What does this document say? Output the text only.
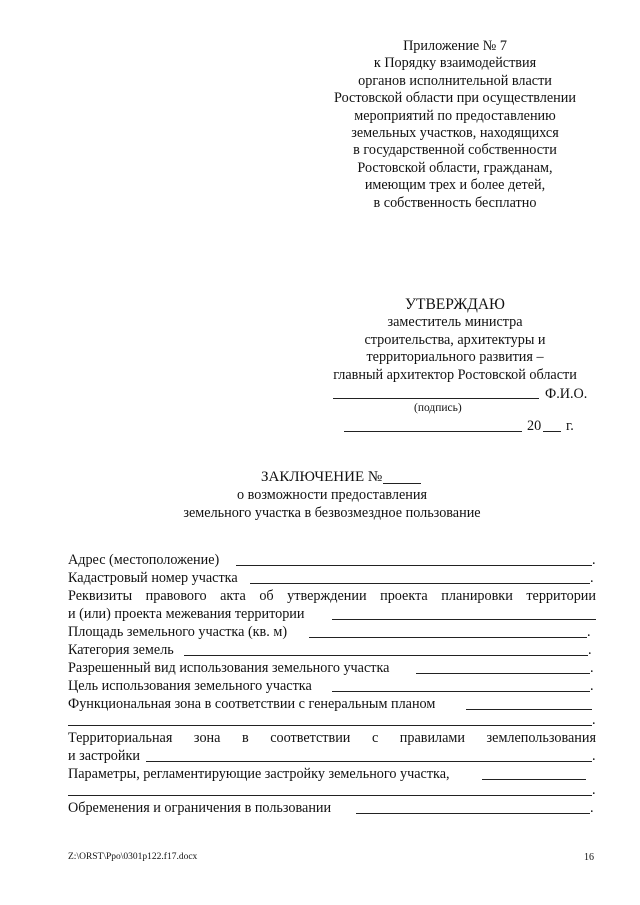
Приложение № 7
к Порядку взаимодействия
органов исполнительной власти
Ростовской области при осуществлении
мероприятий по предоставлению
земельных участков, находящихся
в государственной собственности
Ростовской области, гражданам,
имеющим трех и более детей,
в собственность бесплатно
УТВЕРЖДАЮ
заместитель министра
строительства, архитектуры и
территориального развития –
главный архитектор Ростовской области
Ф.И.О.
(подпись)
20 г.
ЗАКЛЮЧЕНИЕ №
о возможности предоставления
земельного участка в безвозмездное пользование
Адрес (местоположение)	.
Кадастровый номер участка	.
Реквизиты правового акта об утверждении проекта планировки территории
и (или) проекта межевания территории
Площадь земельного участка (кв. м)	.
Категория земель	.
Разрешенный вид использования земельного участка	.
Цель использования земельного участка	.
Функциональная зона в соответствии с генеральным планом
.
Территориальная зона в соответствии с правилами землепользования
и застройки	.
Параметры, регламентирующие застройку земельного участка,
.
Обременения и ограничения в пользовании	.
Z:\ORST\Ppo\0301p122.f17.docx	16
